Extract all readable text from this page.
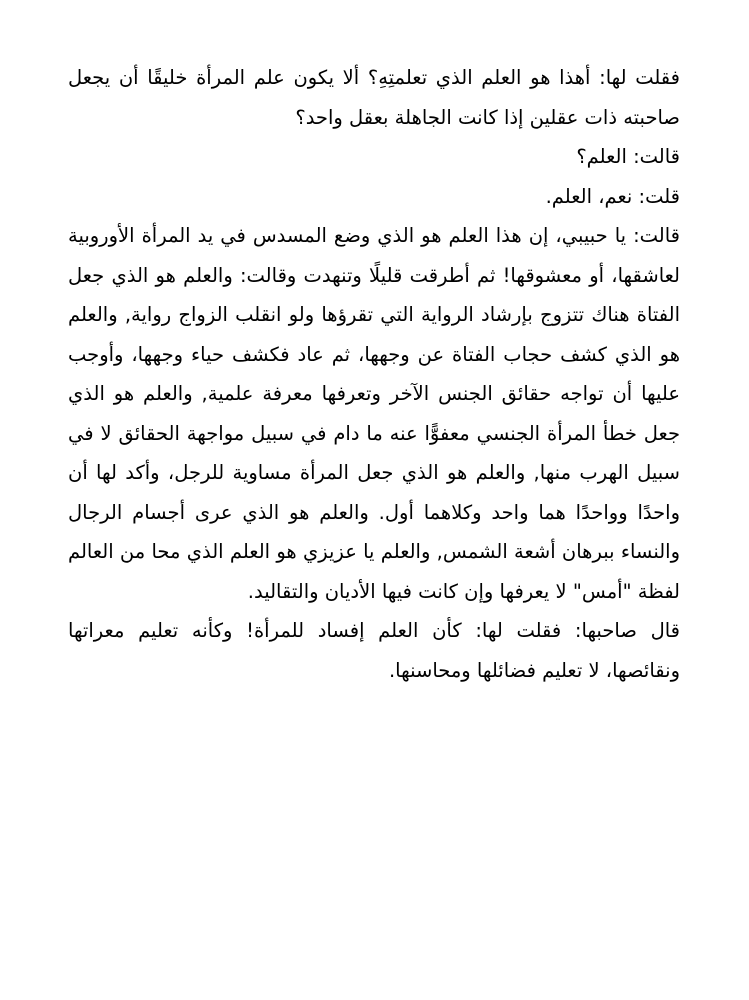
فقلت لها: أهذا هو العلم الذي تعلمتِهِ؟ ألا يكون علم المرأة خليقًا أن يجعل صاحبته ذات عقلين إذا كانت الجاهلة بعقل واحد؟

قالت: العلم؟

قلت: نعم، العلم.

قالت: يا حبيبي، إن هذا العلم هو الذي وضع المسدس في يد المرأة الأوروبية لعاشقها، أو معشوقها! ثم أطرقت قليلًا وتنهدت وقالت: والعلم هو الذي جعل الفتاة هناك تتزوج بإرشاد الرواية التي تقرؤها ولو انقلب الزواج رواية, والعلم هو الذي كشف حجاب الفتاة عن وجهها، ثم عاد فكشف حياء وجهها، وأوجب عليها أن تواجه حقائق الجنس الآخر وتعرفها معرفة علمية, والعلم هو الذي جعل خطأ المرأة الجنسي معفوًّا عنه ما دام في سبيل مواجهة الحقائق لا في سبيل الهرب منها, والعلم هو الذي جعل المرأة مساوية للرجل، وأكد لها أن واحدًا وواحدًا هما واحد وكلاهما أول. والعلم هو الذي عرى أجسام الرجال والنساء ببرهان أشعة الشمس, والعلم يا عزيزي هو العلم الذي محا من العالم لفظة "أمس" لا يعرفها وإن كانت فيها الأديان والتقاليد.

قال صاحبها: فقلت لها: كأن العلم إفساد للمرأة! وكأنه تعليم معراتها ونقائصها، لا تعليم فضائلها ومحاسنها.
